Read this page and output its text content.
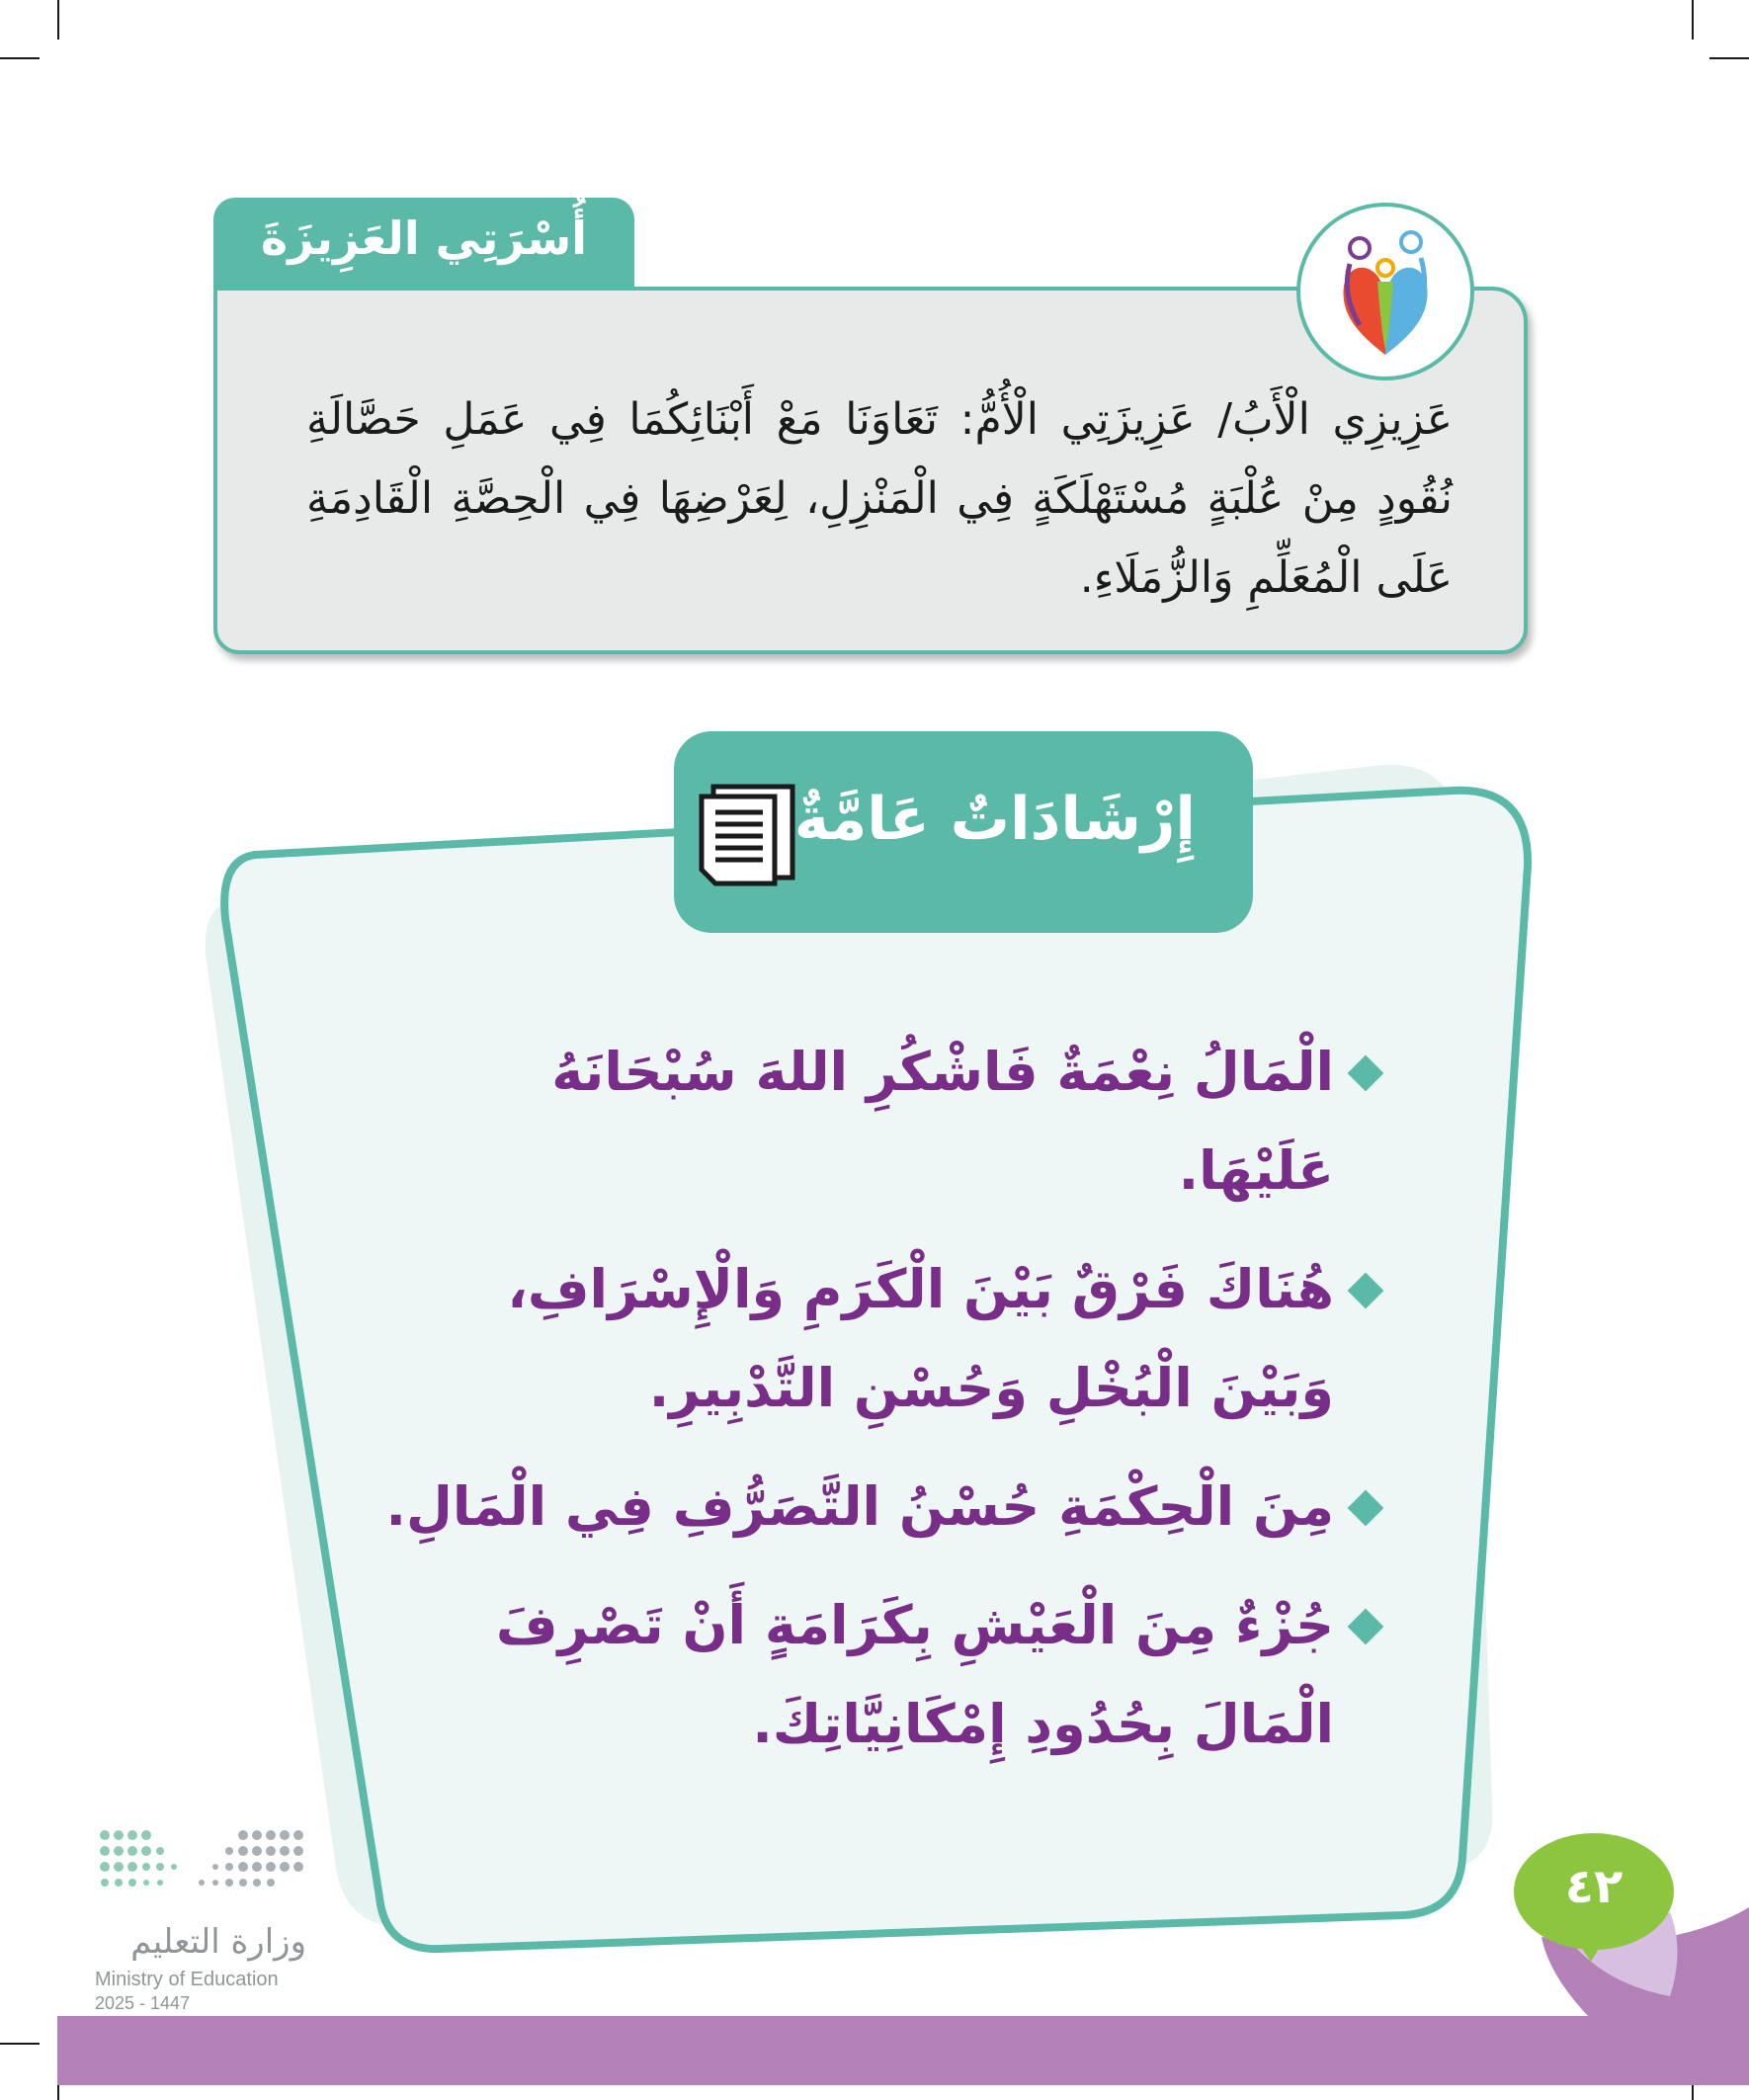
أُسْرَتِي العَزِيزَةَ
عَزِيزِي الْأَبُ/ عَزِيزَتِي الْأُمُّ: تَعَاوَنَا مَعْ أَبْنَائِكُمَا فِي عَمَلِ حَصَّالَةِ نُقُودٍ مِنْ عُلْبَةٍ مُسْتَهْلَكَةٍ فِي الْمَنْزِلِ، لِعَرْضِهَا فِي الْحِصَّةِ الْقَادِمَةِ عَلَى الْمُعَلِّمِ وَالزُّمَلَاءِ.
إِرْشَادَاتٌ عَامَّةٌ
الْمَالُ نِعْمَةٌ فَاشْكُرِ اللهَ سُبْحَانَهُ عَلَيْهَا.
هُنَاكَ فَرْقٌ بَيْنَ الْكَرَمِ وَالْإِسْرَافِ، وَبَيْنَ الْبُخْلِ وَحُسْنِ التَّدْبِيرِ.
مِنَ الْحِكْمَةِ حُسْنُ التَّصَرُّفِ فِي الْمَالِ.
جُزْءٌ مِنَ الْعَيْشِ بِكَرَامَةٍ أَنْ تَصْرِفَ الْمَالَ بِحُدُودِ إِمْكَانِيَّاتِكَ.
وزارة التعليم
Ministry of Education
2025 - 1447
٤٢
